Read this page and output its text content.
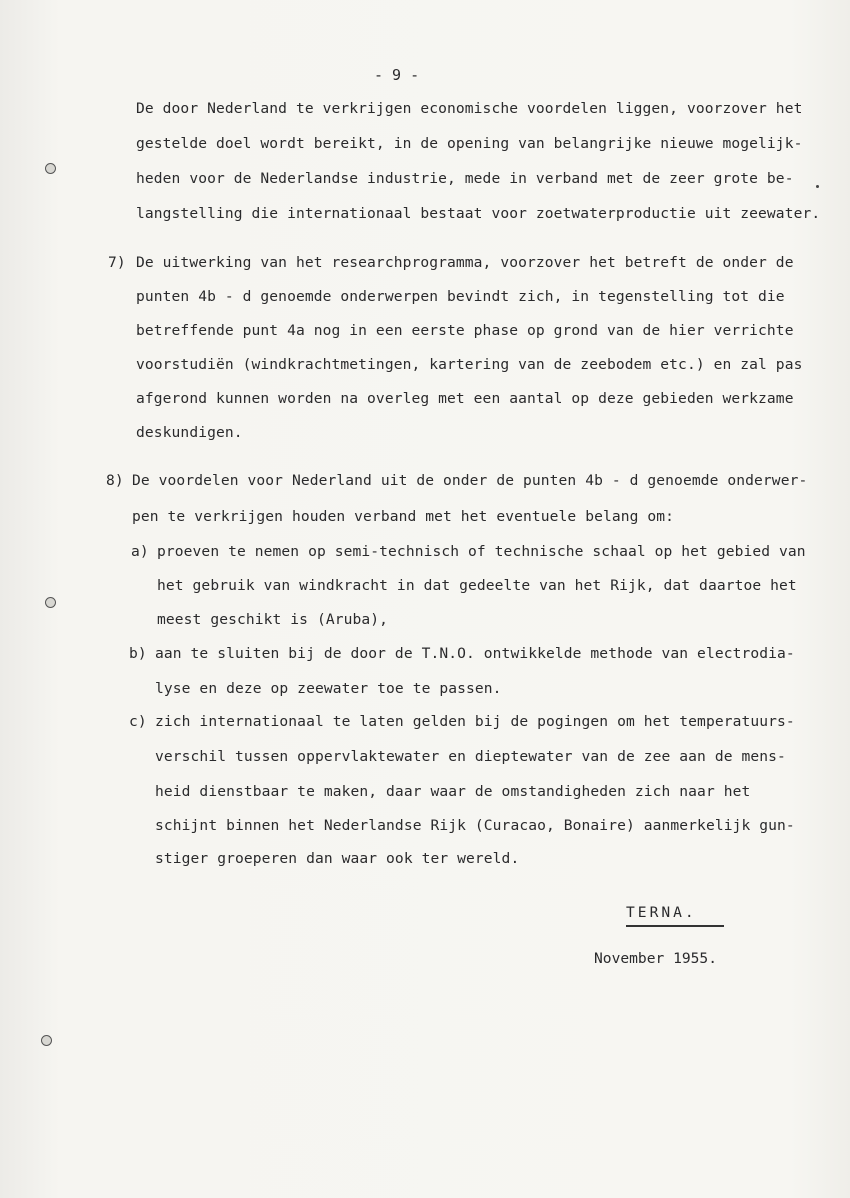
- 9 -
De door Nederland te verkrijgen economische voordelen liggen, voorzover het
gestelde doel wordt bereikt, in de opening van belangrijke nieuwe mogelijk-
heden voor de Nederlandse industrie, mede in verband met de zeer grote be-
langstelling die internationaal bestaat voor zoetwaterproductie uit zeewater.
7) De uitwerking van het researchprogramma, voorzover het betreft de onder de
punten 4b - d genoemde onderwerpen bevindt zich, in tegenstelling tot die
betreffende punt 4a nog in een eerste phase op grond van de hier verrichte
voorstudiën (windkrachtmetingen, kartering van de zeebodem etc.) en zal pas
afgerond kunnen worden na overleg met een aantal op deze gebieden werkzame
deskundigen.
8) De voordelen voor Nederland uit de onder de punten 4b - d genoemde onderwer-
pen te verkrijgen houden verband met het eventuele belang om:
a) proeven te nemen op semi-technisch of technische schaal op het gebied van
het gebruik van windkracht in dat gedeelte van het Rijk, dat daartoe het
meest geschikt is (Aruba),
b) aan te sluiten bij de door de T.N.O. ontwikkelde methode van electrodia-
lyse en deze op zeewater toe te passen.
c) zich internationaal te laten gelden bij de pogingen om het temperatuurs-
verschil tussen oppervlaktewater en dieptewater van de zee aan de mens-
heid dienstbaar te maken, daar waar de omstandigheden zich naar het
schijnt binnen het Nederlandse Rijk (Curacao, Bonaire) aanmerkelijk gun-
stiger groeperen dan waar ook ter wereld.
TERNA.
November 1955.
